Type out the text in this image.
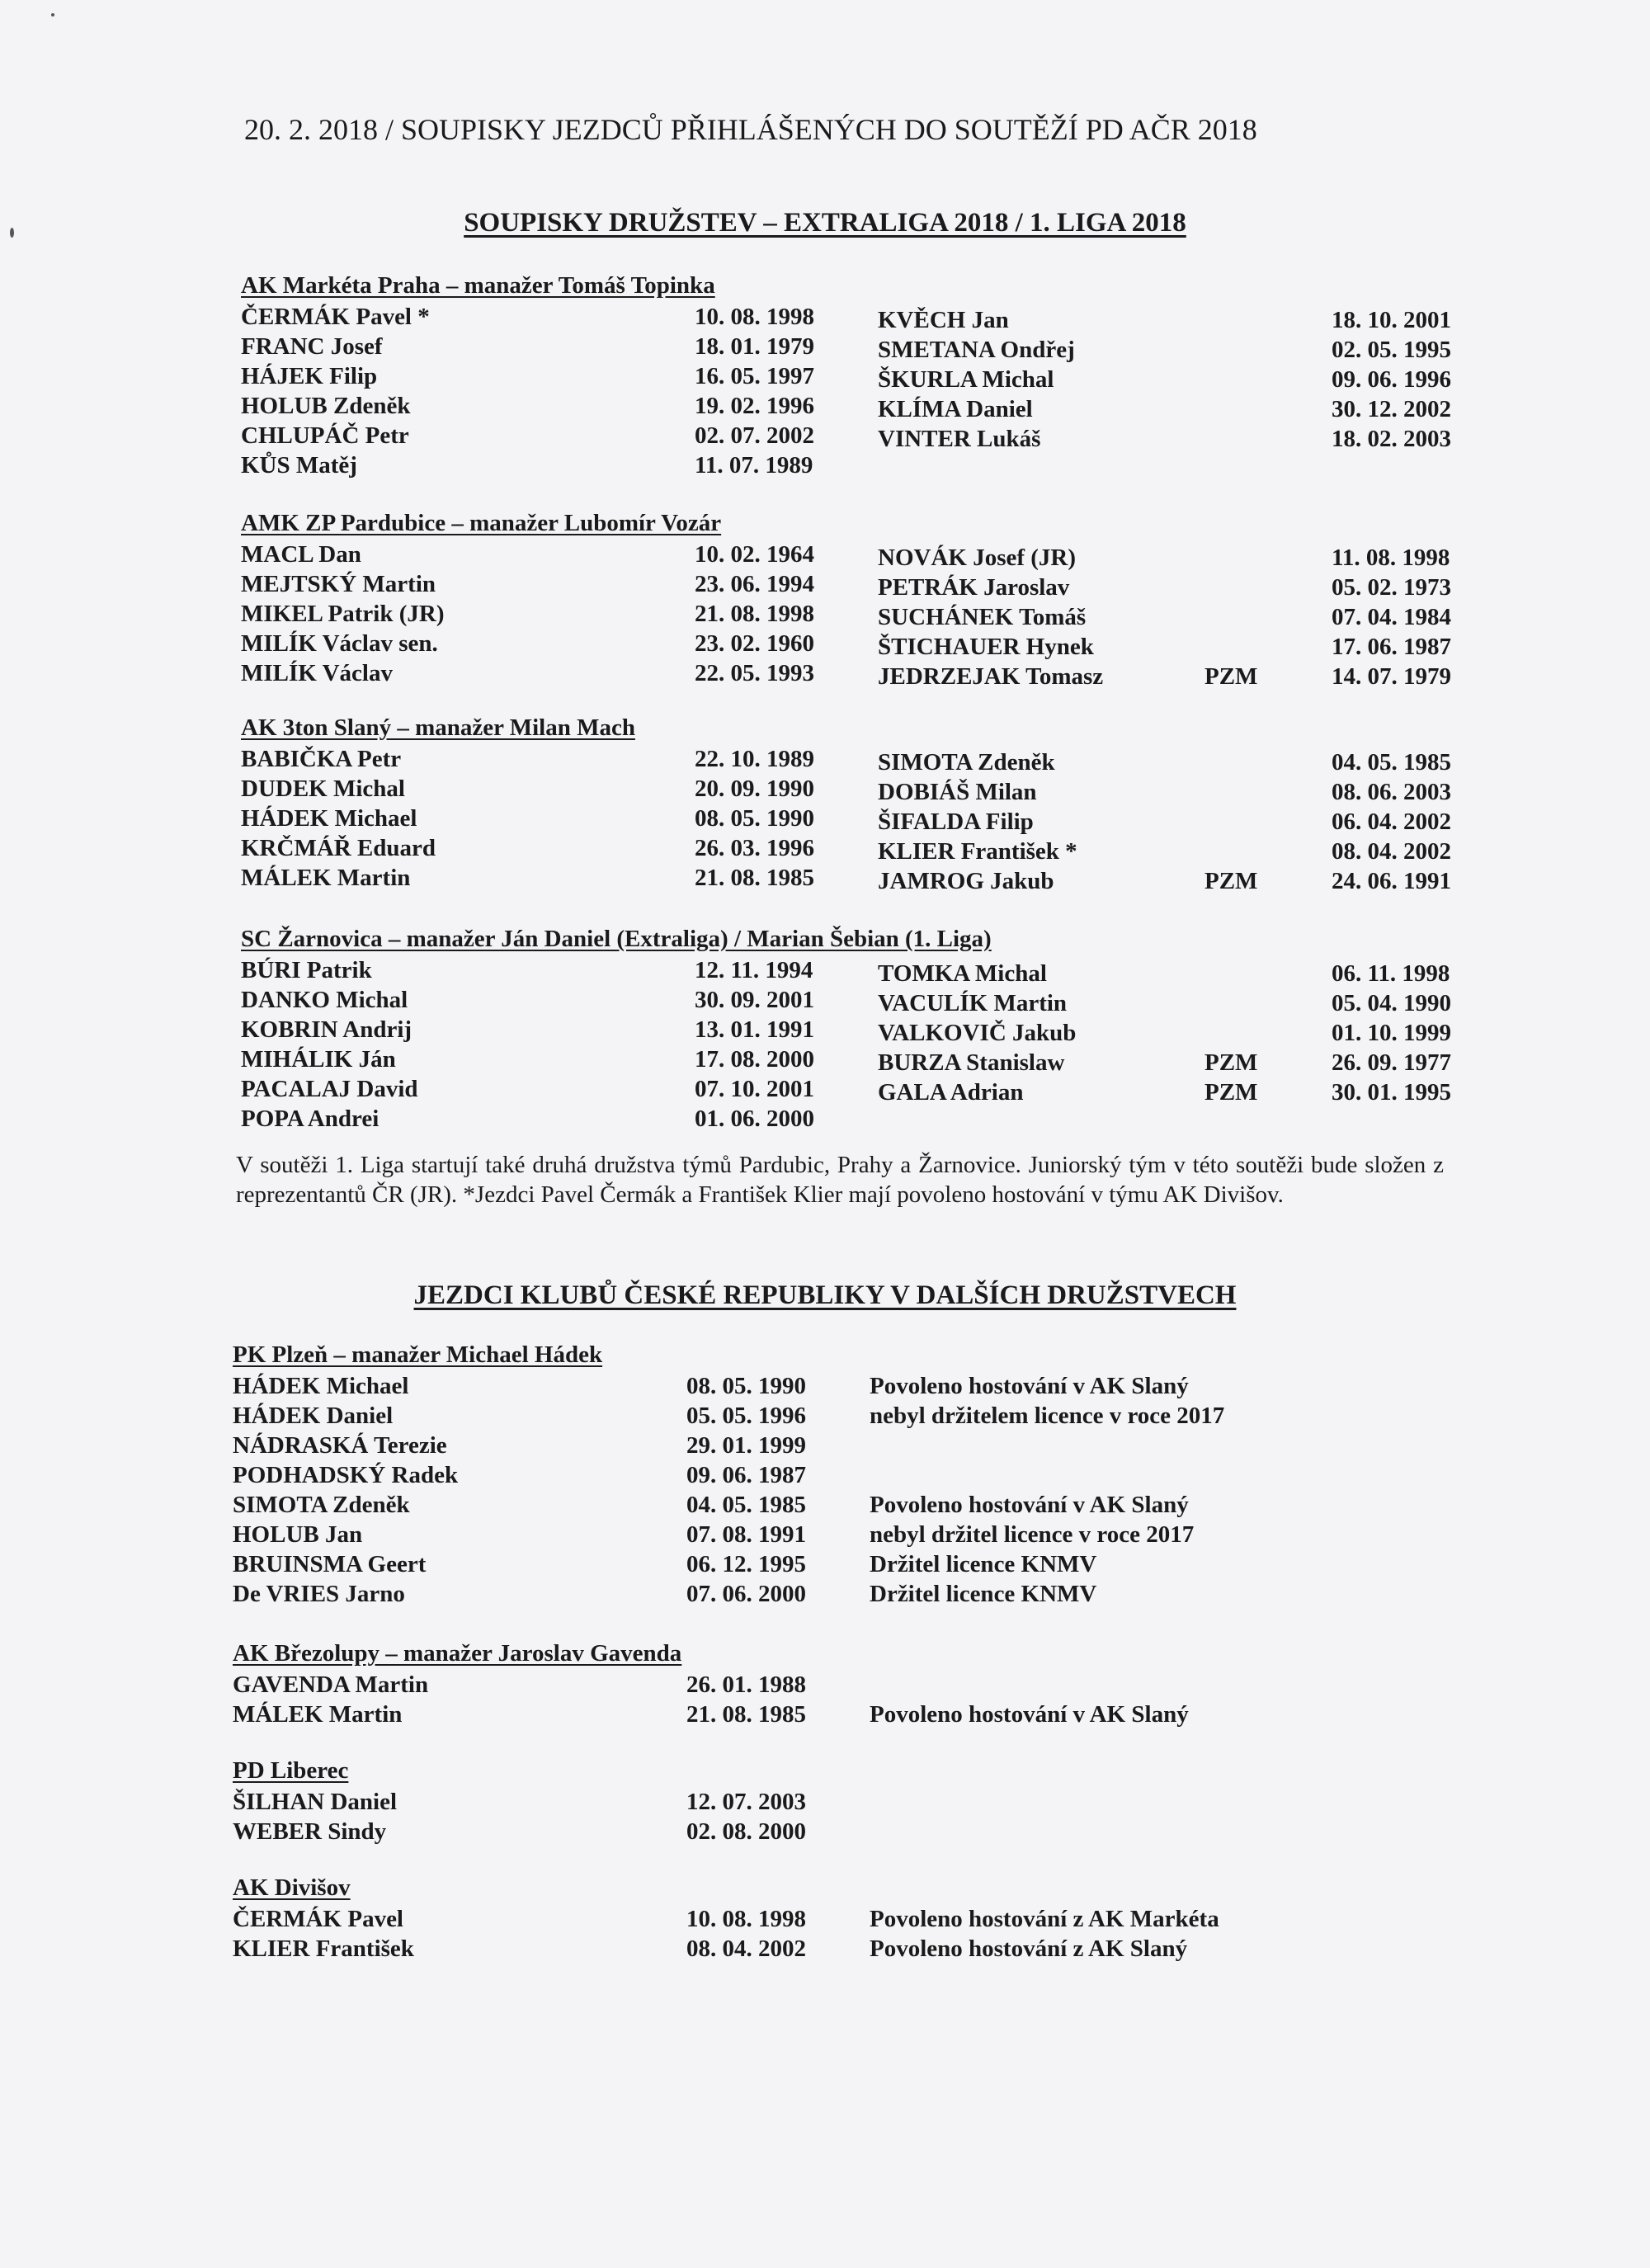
20. 2. 2018 / SOUPISKY JEZDCŮ PŘIHLÁŠENÝCH DO SOUTĚŽÍ PD AČR 2018
SOUPISKY DRUŽSTEV – EXTRALIGA 2018 / 1. LIGA 2018
AK Markéta Praha – manažer Tomáš Topinka
ČERMÁK Pavel *	10. 08. 1998
FRANC Josef	18. 01. 1979
HÁJEK Filip	16. 05. 1997
HOLUB Zdeněk	19. 02. 1996
CHLUPÁČ Petr	02. 07. 2002
KŮS Matěj	11. 07. 1989
KVĚCH Jan	18. 10. 2001
SMETANA Ondřej	02. 05. 1995
ŠKURLA Michal	09. 06. 1996
KLÍMA Daniel	30. 12. 2002
VINTER Lukáš	18. 02. 2003
AMK ZP Pardubice – manažer Lubomír Vozár
MACL Dan	10. 02. 1964
MEJTSKÝ Martin	23. 06. 1994
MIKEL Patrik (JR)	21. 08. 1998
MILÍK Václav sen.	23. 02. 1960
MILÍK Václav	22. 05. 1993
NOVÁK Josef (JR)	11. 08. 1998
PETRÁK Jaroslav	05. 02. 1973
SUCHÁNEK Tomáš	07. 04. 1984
ŠTICHAUER Hynek	17. 06. 1987
JEDRZEJAK Tomasz	PZM	14. 07. 1979
AK 3ton Slaný – manažer Milan Mach
BABIČKA Petr	22. 10. 1989
DUDEK Michal	20. 09. 1990
HÁDEK Michael	08. 05. 1990
KRČMÁŘ Eduard	26. 03. 1996
MÁLEK Martin	21. 08. 1985
SIMOTA Zdeněk	04. 05. 1985
DOBIÁŠ Milan	08. 06. 2003
ŠIFALDA Filip	06. 04. 2002
KLIER František *	08. 04. 2002
JAMROG Jakub	PZM	24. 06. 1991
SC Žarnovica – manažer Ján Daniel (Extraliga) / Marian Šebian (1. Liga)
BÚRI Patrik	12. 11. 1994
DANKO Michal	30. 09. 2001
KOBRIN Andrij	13. 01. 1991
MIHÁLIK Ján	17. 08. 2000
PACALAJ David	07. 10. 2001
POPA Andrei	01. 06. 2000
TOMKA Michal	06. 11. 1998
VACULÍK Martin	05. 04. 1990
VALKOVIČ Jakub	01. 10. 1999
BURZA Stanislaw	PZM	26. 09. 1977
GALA Adrian	PZM	30. 01. 1995
V soutěži 1. Liga startují také druhá družstva týmů Pardubic, Prahy a Žarnovice. Juniorský tým v této soutěži bude složen z reprezentantů ČR (JR). *Jezdci Pavel Čermák a František Klier mají povoleno hostování v týmu AK Divišov.
JEZDCI KLUBŮ ČESKÉ REPUBLIKY V DALŠÍCH DRUŽSTVECH
PK Plzeň – manažer Michael Hádek
HÁDEK Michael	08. 05. 1990	Povoleno hostování v AK Slaný
HÁDEK Daniel	05. 05. 1996	nebyl držitelem licence v roce 2017
NÁDRASKÁ Terezie	29. 01. 1999
PODHADSKÝ Radek	09. 06. 1987
SIMOTA Zdeněk	04. 05. 1985	Povoleno hostování v AK Slaný
HOLUB Jan	07. 08. 1991	nebyl držitel licence v roce 2017
BRUINSMA Geert	06. 12. 1995	Držitel licence KNMV
De VRIES Jarno	07. 06. 2000	Držitel licence KNMV
AK Březolupy – manažer Jaroslav Gavenda
GAVENDA Martin	26. 01. 1988
MÁLEK Martin	21. 08. 1985	Povoleno hostování v AK Slaný
PD Liberec
ŠILHAN Daniel	12. 07. 2003
WEBER Sindy	02. 08. 2000
AK Divišov
ČERMÁK Pavel	10. 08. 1998	Povoleno hostování z AK Markéta
KLIER František	08. 04. 2002	Povoleno hostování z AK Slaný
